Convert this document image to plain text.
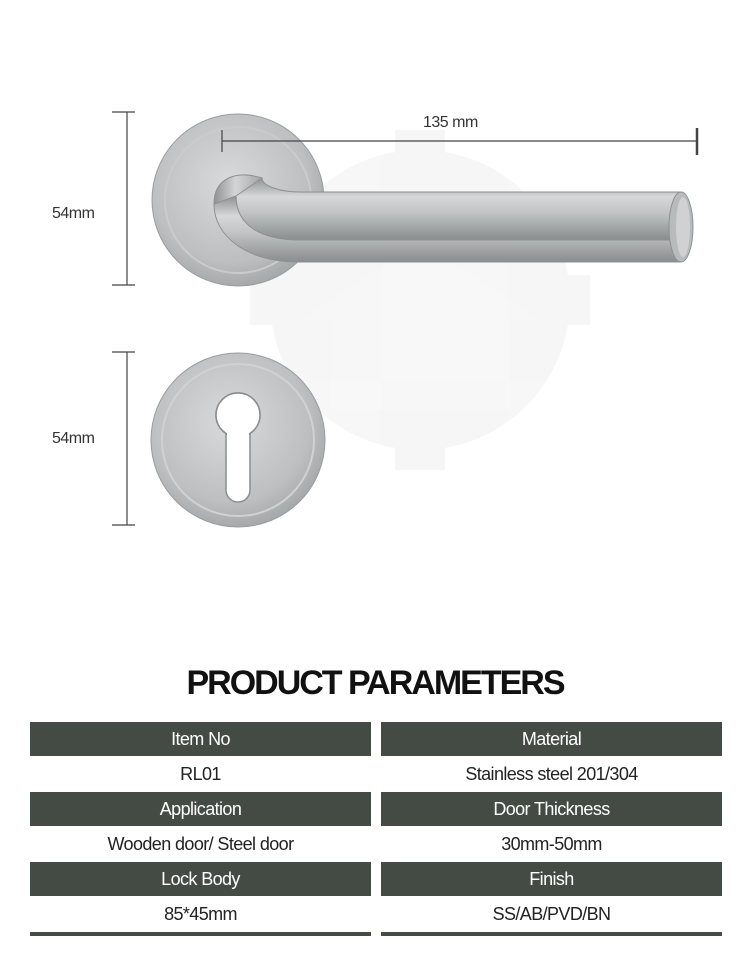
135 mm
54mm
54mm
PRODUCT PARAMETERS
Item No	Material
RL01	Stainless steel 201/304
Application	Door Thickness
Wooden door/ Steel door	30mm-50mm
Lock Body	Finish
85*45mm	SS/AB/PVD/BN
